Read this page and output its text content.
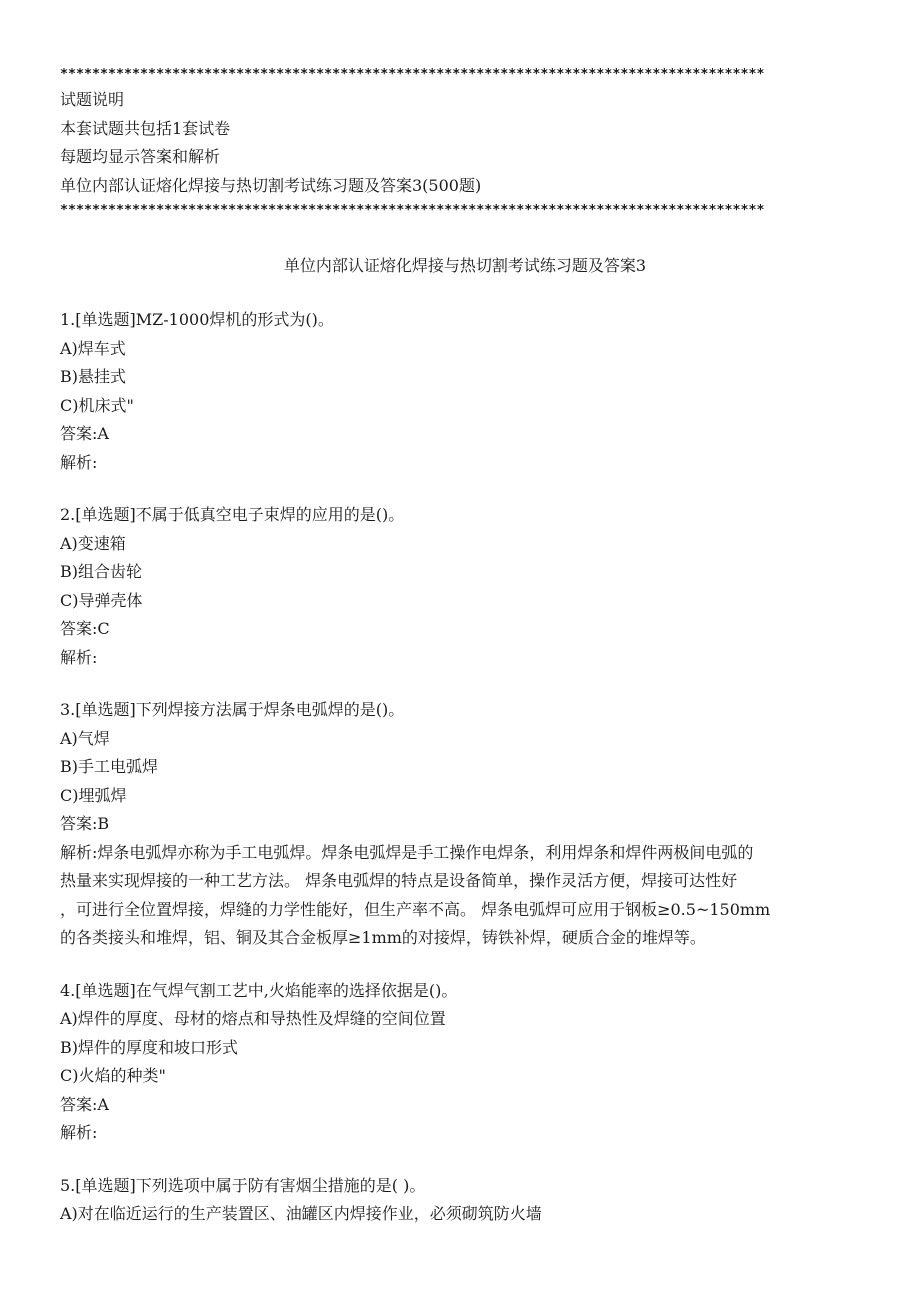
****************************************************************************************
试题说明
本套试题共包括1套试卷
每题均显示答案和解析
单位内部认证熔化焊接与热切割考试练习题及答案3(500题)
****************************************************************************************
单位内部认证熔化焊接与热切割考试练习题及答案3
1.[单选题]MZ-1000焊机的形式为()。
A)焊车式
B)悬挂式
C)机床式"
答案:A
解析:
2.[单选题]不属于低真空电子束焊的应用的是()。
A)变速箱
B)组合齿轮
C)导弹壳体
答案:C
解析:
3.[单选题]下列焊接方法属于焊条电弧焊的是()。
A)气焊
B)手工电弧焊
C)埋弧焊
答案:B
解析:焊条电弧焊亦称为手工电弧焊。焊条电弧焊是手工操作电焊条，利用焊条和焊件两极间电弧的
热量来实现焊接的一种工艺方法。 焊条电弧焊的特点是设备简单，操作灵活方便，焊接可达性好
，可进行全位置焊接，焊缝的力学性能好，但生产率不高。 焊条电弧焊可应用于钢板≥0.5~150mm
的各类接头和堆焊，铝、铜及其合金板厚≥1mm的对接焊，铸铁补焊，硬质合金的堆焊等。
4.[单选题]在气焊气割工艺中,火焰能率的选择依据是()。
A)焊件的厚度、母材的熔点和导热性及焊缝的空间位置
B)焊件的厚度和坡口形式
C)火焰的种类"
答案:A
解析:
5.[单选题]下列选项中属于防有害烟尘措施的是( )。
A)对在临近运行的生产装置区、油罐区内焊接作业，必须砌筑防火墙
